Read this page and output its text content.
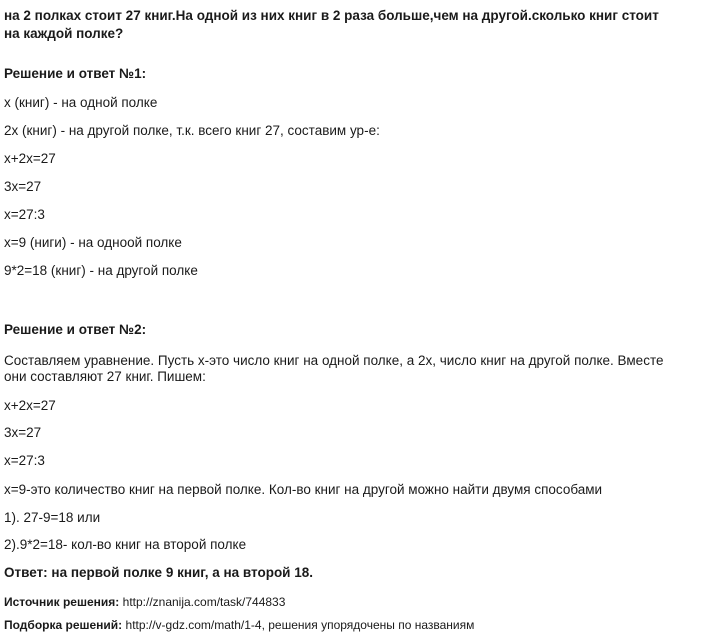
на 2 полках стоит 27 книг.На одной из них книг в 2 раза больше,чем на другой.сколько книг стоит
на каждой полке?
Решение и ответ №1:
x (книг) - на одной полке
2x (книг) - на другой полке, т.к. всего книг 27, составим ур-е:
x+2x=27
3x=27
x=27:3
x=9 (ниги) - на одноой полке
9*2=18 (книг) - на другой полке
Решение и ответ №2:
Составляем уравнение. Пусть х-это число книг на одной полке, а 2х, число книг на другой полке. Вместе
они составляют 27 книг. Пишем:
x+2x=27
3x=27
x=27:3
x=9-это количество книг на первой полке. Кол-во книг на другой можно найти двумя способами
1). 27-9=18 или
2).9*2=18- кол-во книг на второй полке
Ответ: на первой полке 9 книг, а на второй 18.
Источник решения: http://znanija.com/task/744833
Подборка решений: http://v-gdz.com/math/1-4, решения упорядочены по названиям
